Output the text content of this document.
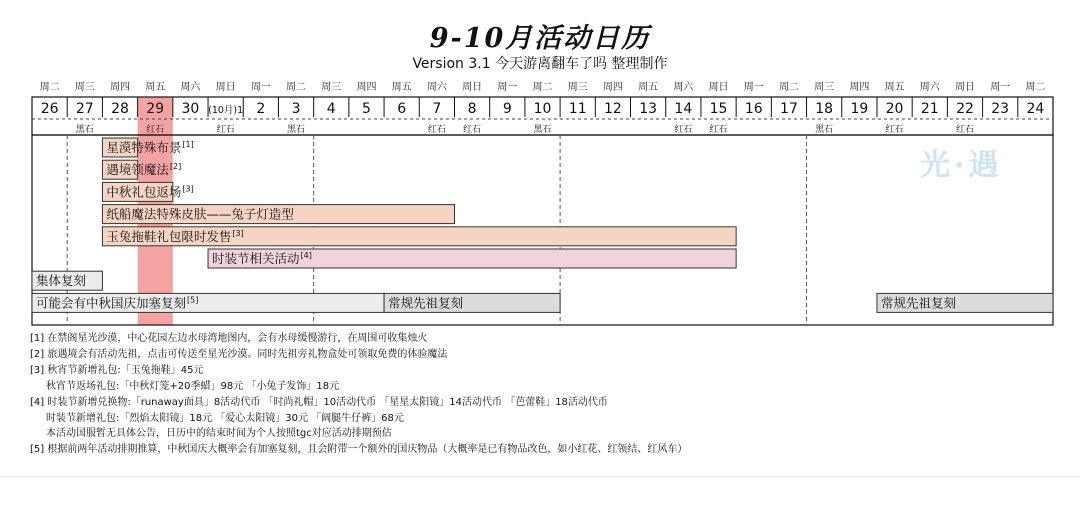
9-10月活动日历
Version 3.1 今天游离翻车了吗 整理制作
周二
26
周三
27
黑石
周四
28
周五
29
红石
周六
30
周日
(10月)1
红石
周一
2
周二
3
黑石
周三
4
周四
5
周五
6
周六
7
红石
周日
8
红石
周一
9
周二
10
黑石
周三
11
周四
12
周五
13
周六
14
红石
周日
15
红石
周一
16
周二
17
周三
18
黑石
周四
19
周五
20
红石
周六
21
周日
22
红石
周一
23
周二
24
星漠特殊布景[1]
遇境领魔法[2]
中秋礼包返场[3]
纸船魔法特殊皮肤——兔子灯造型
玉兔拖鞋礼包限时发售[3]
时装节相关活动[4]
集体复刻
可能会有中秋国庆加塞复刻[5]	常规先祖复刻	常规先祖复刻
光·遇
[1] 在禁阁星光沙漠，中心花园左边水母湾地图内，会有水母缓慢游行，在周围可收集烛火
[2] 旅遇境会有活动先祖，点击可传送至星光沙漠。同时先祖旁礼物盒处可领取免费的体验魔法
[3] 秋宵节新增礼包:「玉兔拖鞋」45元
秋宵节返场礼包:「中秋灯笼+20季蜡」98元 「小兔子发饰」18元
[4] 时装节新增兑换物:「runaway面具」8活动代币 「时尚礼帽」10活动代币 「星星太阳镜」14活动代币 「芭蕾鞋」18活动代币
时装节新增礼包:「烈焰太阳镜」18元 「爱心太阳镜」30元 「阔腿牛仔裤」68元
本活动国服暂无具体公告，日历中的结束时间为个人按照tgc对应活动排期预估
[5] 根据前两年活动排期推算，中秋国庆大概率会有加塞复刻，且会附带一个额外的国庆物品（大概率是已有物品改色，如小红花、红领结、红风车）
